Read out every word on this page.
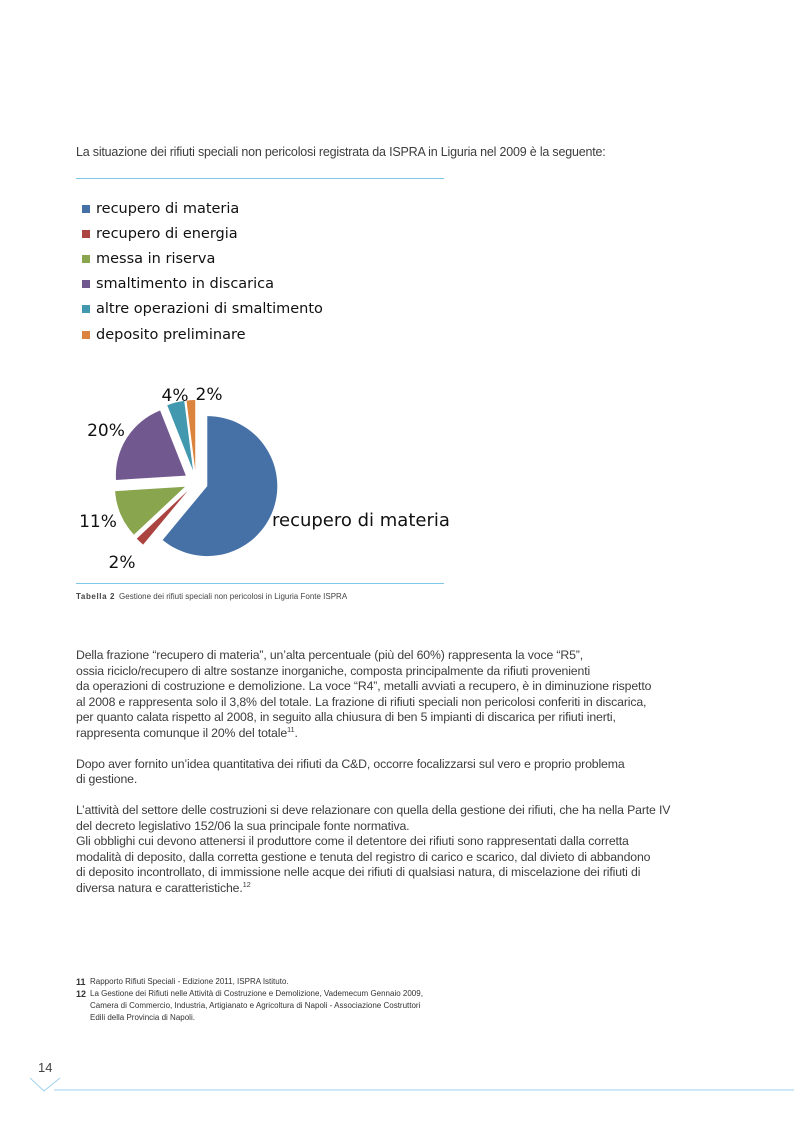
La situazione dei rifiuti speciali non pericolosi registrata da ISPRA in Liguria nel 2009 è la seguente:
recupero di materia
recupero di energia
messa in riserva
smaltimento in discarica
altre operazioni di smaltimento
deposito preliminare
recupero di materia
2%
11%
20%
4% 2%
Tabella 2 Gestione dei rifiuti speciali non pericolosi in Liguria Fonte ISPRA

Della frazione “recupero di materia”, un’alta percentuale (più del 60%) rappresenta la voce “R5”,
ossia riciclo/recupero di altre sostanze inorganiche, composta principalmente da rifiuti provenienti
da operazioni di costruzione e demolizione. La voce “R4”, metalli avviati a recupero, è in diminuzione rispetto
al 2008 e rappresenta solo il 3,8% del totale. La frazione di rifiuti speciali non pericolosi conferiti in discarica,
per quanto calata rispetto al 2008, in seguito alla chiusura di ben 5 impianti di discarica per rifiuti inerti,
rappresenta comunque il 20% del totale$^{11}$.

Dopo aver fornito un’idea quantitativa dei rifiuti da C&D, occorre focalizzarsi sul vero e proprio problema
di gestione.

L’attività del settore delle costruzioni si deve relazionare con quella della gestione dei rifiuti, che ha nella Parte IV
del decreto legislativo 152/06 la sua principale fonte normativa.
Gli obblighi cui devono attenersi il produttore come il detentore dei rifiuti sono rappresentati dalla corretta
modalità di deposito, dalla corretta gestione e tenuta del registro di carico e scarico, dal divieto di abbandono
di deposito incontrollato, di immissione nelle acque dei rifiuti di qualsiasi natura, di miscelazione dei rifiuti di
diversa natura e caratteristiche.$^{12}$

11 Rapporto Rifiuti Speciali - Edizione 2011, ISPRA Istituto.
12 La Gestione dei Rifiuti nelle Attività di Costruzione e Demolizione, Vademecum Gennaio 2009,
Camera di Commercio, Industria, Artigianato e Agricoltura di Napoli - Associazione Costruttori
Edili della Provincia di Napoli.
14
